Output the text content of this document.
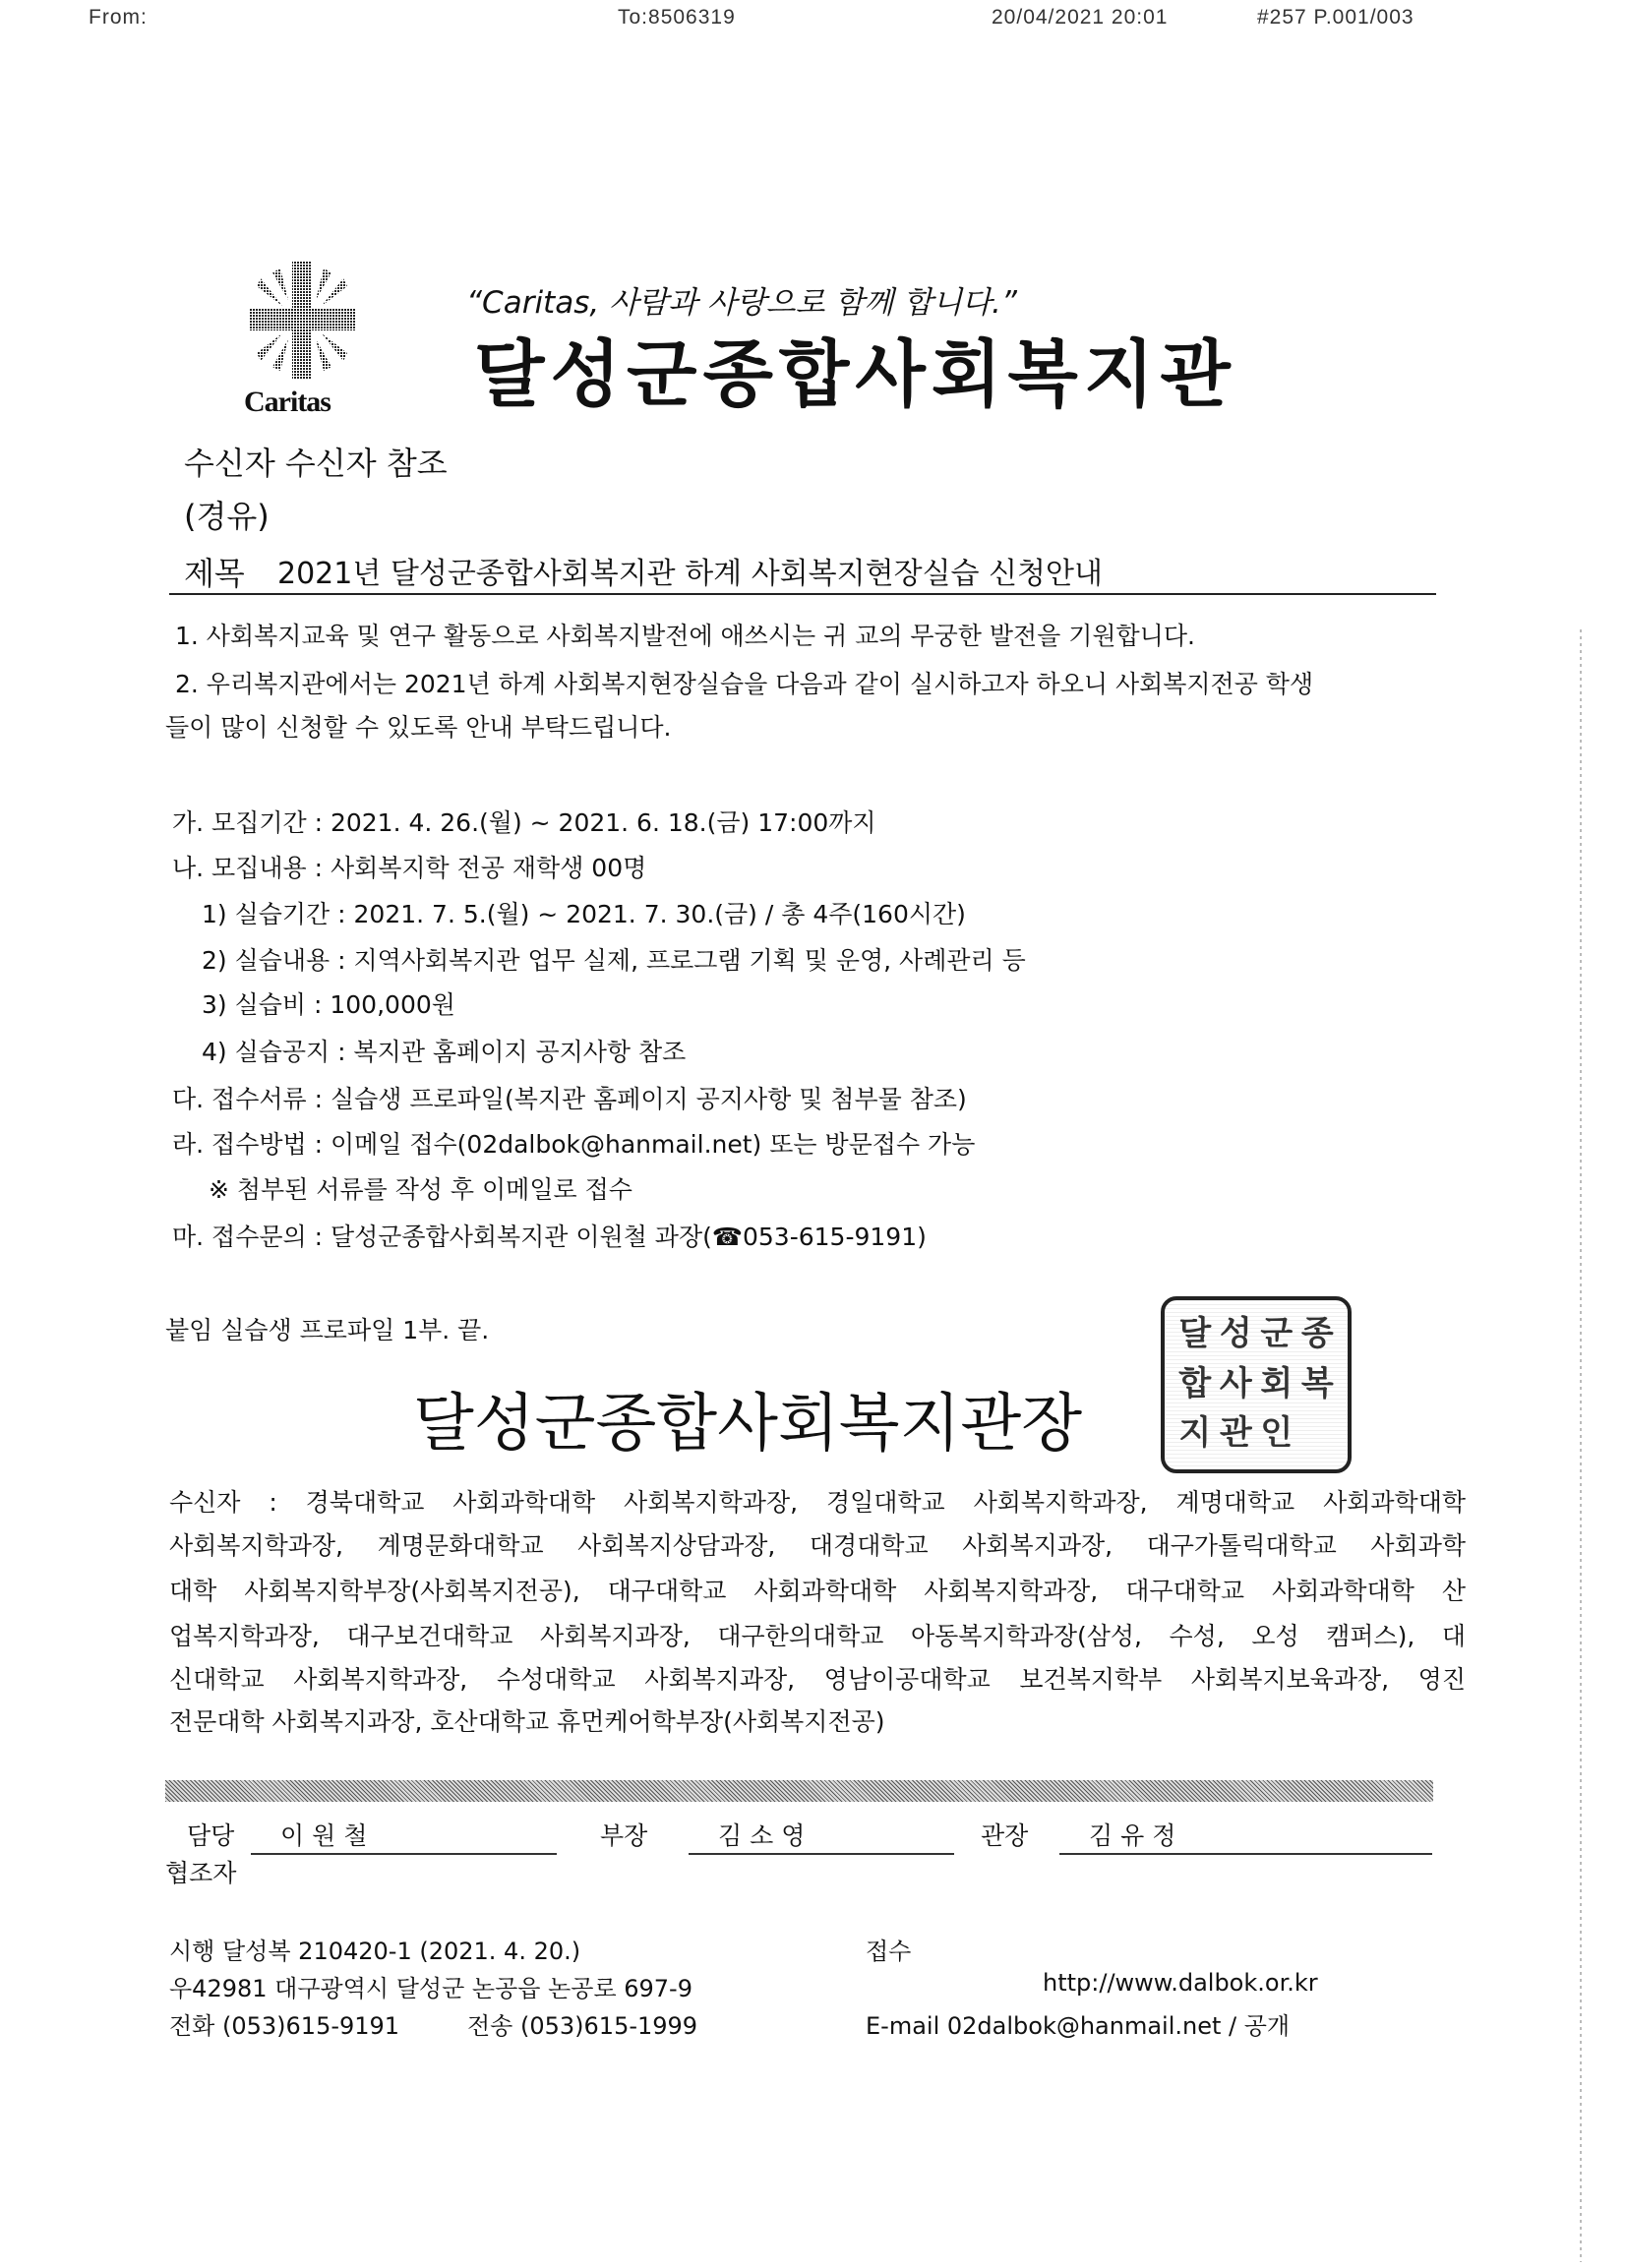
From:	To:8506319	20/04/2021 20:01	#257 P.001/003
Caritas
“Caritas, 사람과 사랑으로 함께 합니다.”
달성군종합사회복지관
수신자 수신자 참조
(경유)
제목 2021년 달성군종합사회복지관 하계 사회복지현장실습 신청안내
1. 사회복지교육 및 연구 활동으로 사회복지발전에 애쓰시는 귀 교의 무궁한 발전을 기원합니다.
2. 우리복지관에서는 2021년 하계 사회복지현장실습을 다음과 같이 실시하고자 하오니 사회복지전공 학생
들이 많이 신청할 수 있도록 안내 부탁드립니다.
가. 모집기간 : 2021. 4. 26.(월) ~ 2021. 6. 18.(금) 17:00까지
나. 모집내용 : 사회복지학 전공 재학생 00명
1) 실습기간 : 2021. 7. 5.(월) ~ 2021. 7. 30.(금) / 총 4주(160시간)
2) 실습내용 : 지역사회복지관 업무 실제, 프로그램 기획 및 운영, 사례관리 등
3) 실습비 : 100,000원
4) 실습공지 : 복지관 홈페이지 공지사항 참조
다. 접수서류 : 실습생 프로파일(복지관 홈페이지 공지사항 및 첨부물 참조)
라. 접수방법 : 이메일 접수(02dalbok@hanmail.net) 또는 방문접수 가능
※ 첨부된 서류를 작성 후 이메일로 접수
마. 접수문의 : 달성군종합사회복지관 이원철 과장(☎053-615-9191)
붙임 실습생 프로파일 1부. 끝.
달성군종합사회복지관장
달 성 군 종
합 사 회 복
지 관 인
수신자 : 경북대학교 사회과학대학 사회복지학과장, 경일대학교 사회복지학과장, 계명대학교 사회과학대학
사회복지학과장, 계명문화대학교 사회복지상담과장, 대경대학교 사회복지과장, 대구가톨릭대학교 사회과학
대학 사회복지학부장(사회복지전공), 대구대학교 사회과학대학 사회복지학과장, 대구대학교 사회과학대학 산
업복지학과장, 대구보건대학교 사회복지과장, 대구한의대학교 아동복지학과장(삼성, 수성, 오성 캠퍼스), 대
신대학교 사회복지학과장, 수성대학교 사회복지과장, 영남이공대학교 보건복지학부 사회복지보육과장, 영진
전문대학 사회복지과장, 호산대학교 휴먼케어학부장(사회복지전공)
담당 이 원 철	부장	김 소 영	관장 김 유 정
협조자
시행 달성복 210420-1 (2021. 4. 20.)	접수
우42981 대구광역시 달성군 논공읍 논공로 697-9	http://www.dalbok.or.kr
전화 (053)615-9191	전송 (053)615-1999	E-mail 02dalbok@hanmail.net / 공개
